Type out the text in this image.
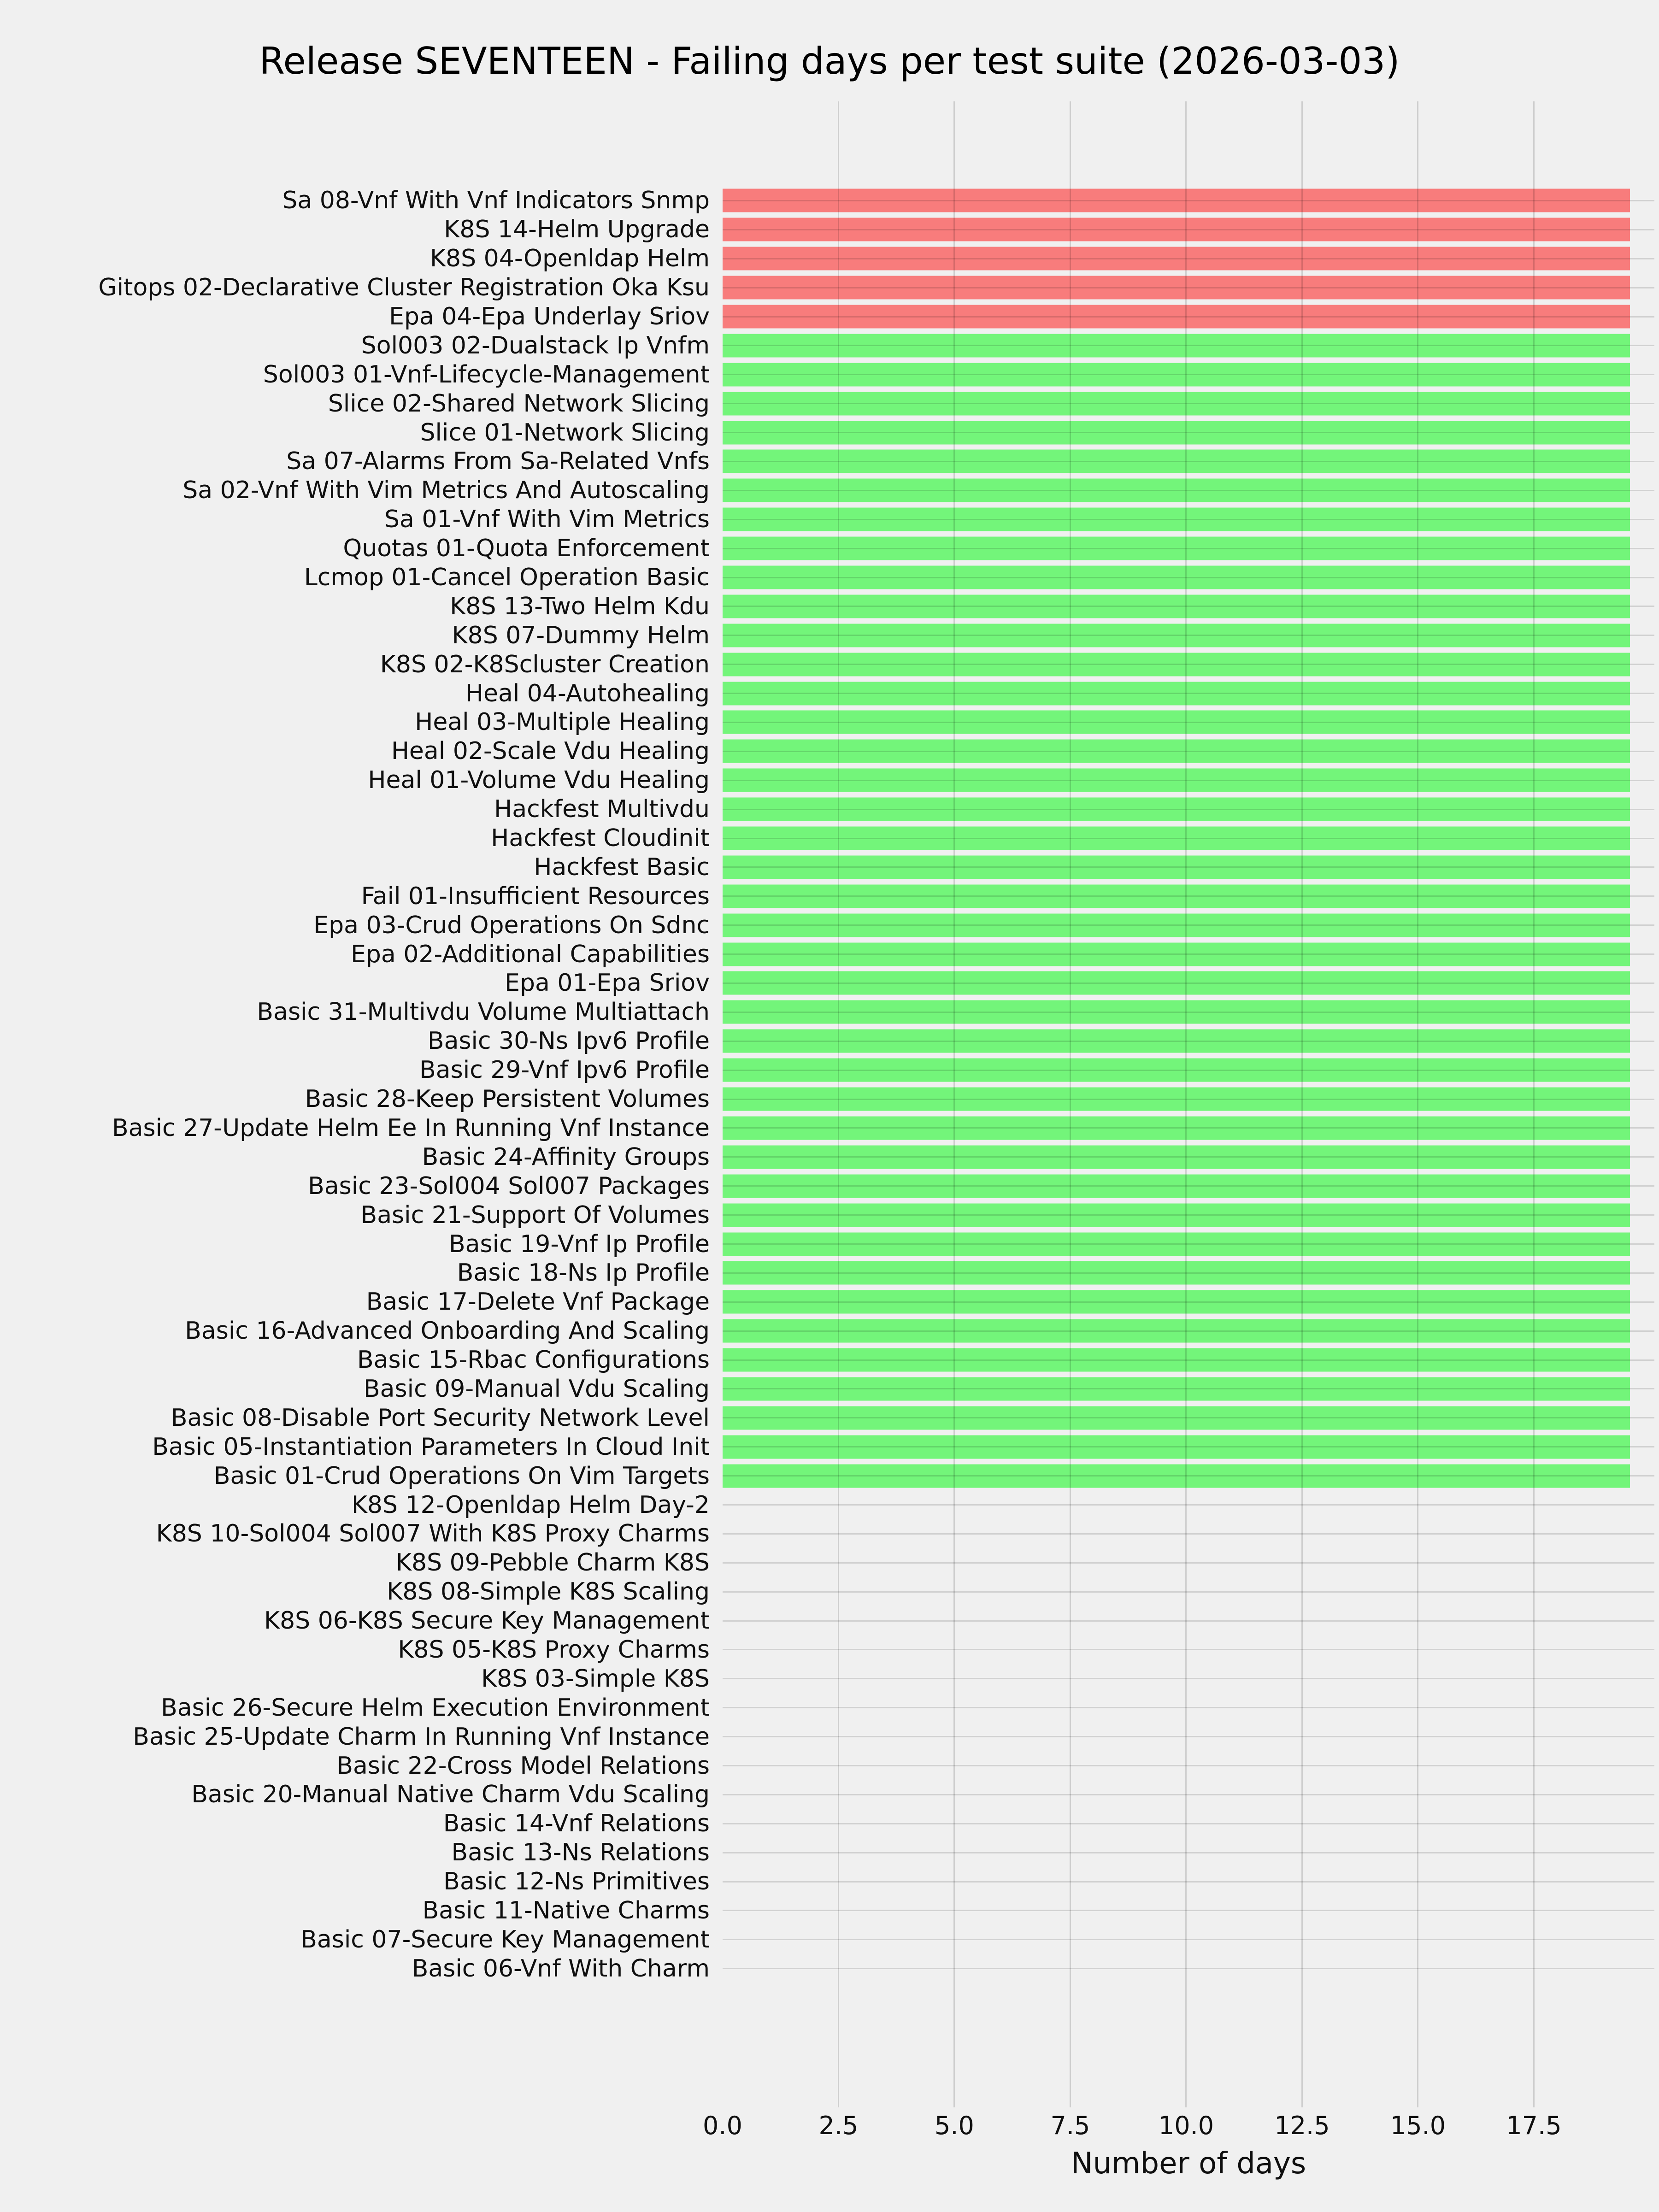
Release SEVENTEEN - Failing days per test suite (2026-03-03)
Sa 08-Vnf With Vnf Indicators Snmp
K8S 14-Helm Upgrade
K8S 04-Openldap Helm
Gitops 02-Declarative Cluster Registration Oka Ksu
Epa 04-Epa Underlay Sriov
Sol003 02-Dualstack Ip Vnfm
Sol003 01-Vnf-Lifecycle-Management
Slice 02-Shared Network Slicing
Slice 01-Network Slicing
Sa 07-Alarms From Sa-Related Vnfs
Sa 02-Vnf With Vim Metrics And Autoscaling
Sa 01-Vnf With Vim Metrics
Quotas 01-Quota Enforcement
Lcmop 01-Cancel Operation Basic
K8S 13-Two Helm Kdu
K8S 07-Dummy Helm
K8S 02-K8Scluster Creation
Heal 04-Autohealing
Heal 03-Multiple Healing
Heal 02-Scale Vdu Healing
Heal 01-Volume Vdu Healing
Hackfest Multivdu
Hackfest Cloudinit
Hackfest Basic
Fail 01-Insufficient Resources
Epa 03-Crud Operations On Sdnc
Epa 02-Additional Capabilities
Epa 01-Epa Sriov
Basic 31-Multivdu Volume Multiattach
Basic 30-Ns Ipv6 Profile
Basic 29-Vnf Ipv6 Profile
Basic 28-Keep Persistent Volumes
Basic 27-Update Helm Ee In Running Vnf Instance
Basic 24-Affinity Groups
Basic 23-Sol004 Sol007 Packages
Basic 21-Support Of Volumes
Basic 19-Vnf Ip Profile
Basic 18-Ns Ip Profile
Basic 17-Delete Vnf Package
Basic 16-Advanced Onboarding And Scaling
Basic 15-Rbac Configurations
Basic 09-Manual Vdu Scaling
Basic 08-Disable Port Security Network Level
Basic 05-Instantiation Parameters In Cloud Init
Basic 01-Crud Operations On Vim Targets
K8S 12-Openldap Helm Day-2
K8S 10-Sol004 Sol007 With K8S Proxy Charms
K8S 09-Pebble Charm K8S
K8S 08-Simple K8S Scaling
K8S 06-K8S Secure Key Management
K8S 05-K8S Proxy Charms
K8S 03-Simple K8S
Basic 26-Secure Helm Execution Environment
Basic 25-Update Charm In Running Vnf Instance
Basic 22-Cross Model Relations
Basic 20-Manual Native Charm Vdu Scaling
Basic 14-Vnf Relations
Basic 13-Ns Relations
Basic 12-Ns Primitives
Basic 11-Native Charms
Basic 07-Secure Key Management
Basic 06-Vnf With Charm
0.0	2.5	5.0	7.5	10.0 12.5 15.0 17.5
Number of days
